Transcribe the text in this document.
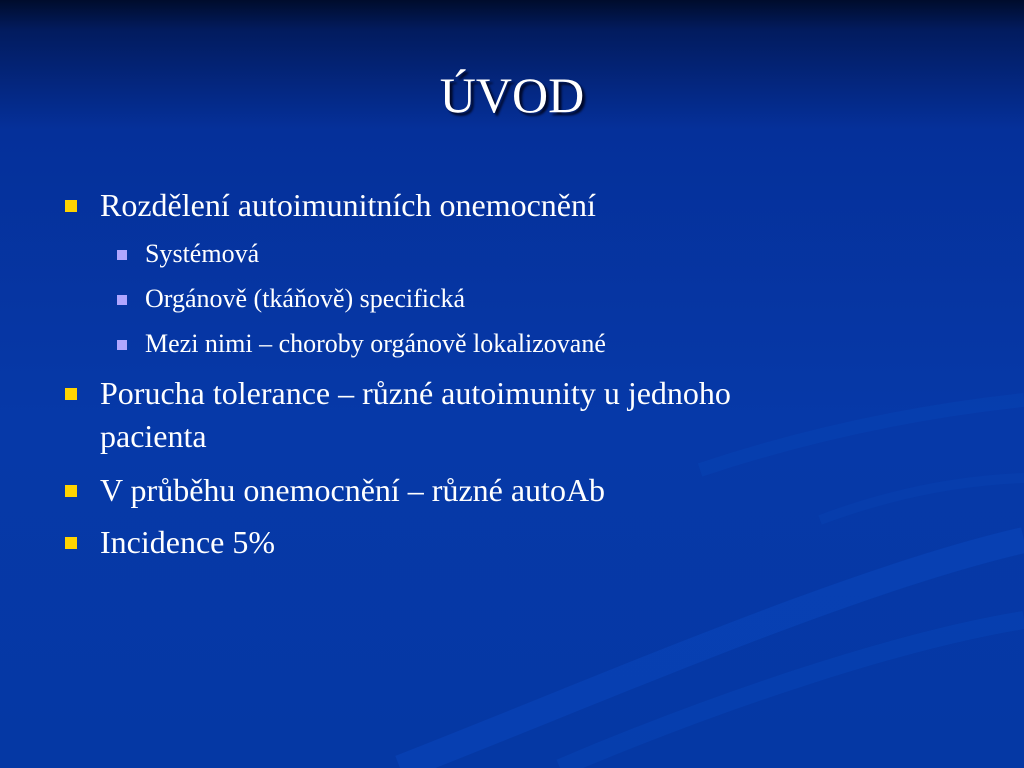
ÚVOD
Rozdělení autoimunitních onemocnění
Systémová
Orgánově (tkáňově) specifická
Mezi nimi – choroby orgánově lokalizované
Porucha tolerance – různé autoimunity u jednoho
pacienta
V průběhu onemocnění – různé autoAb
Incidence 5%
